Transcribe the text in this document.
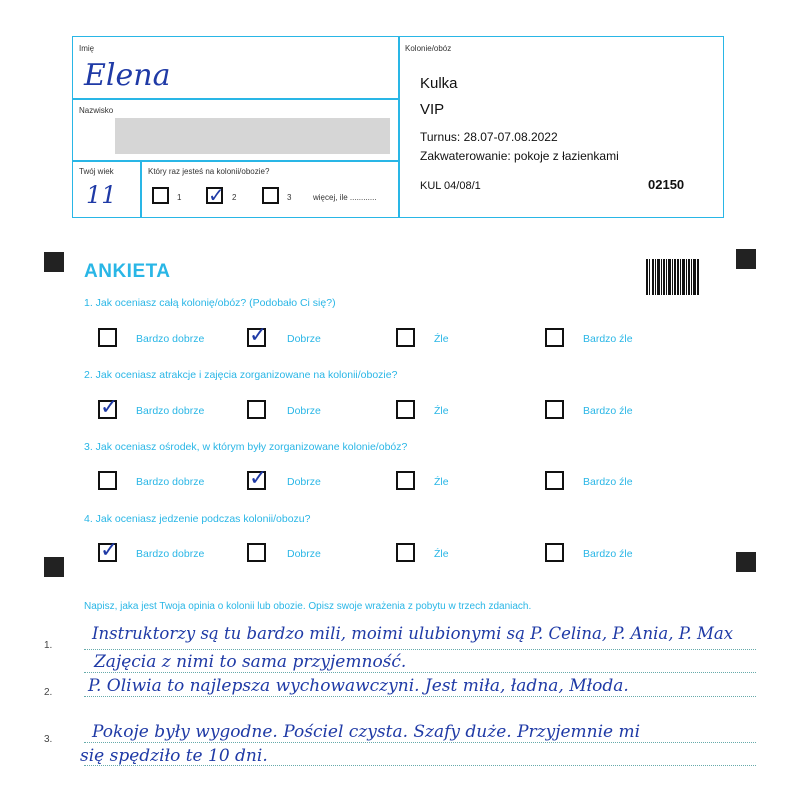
Imię
Elena
Nazwisko
Twój wiek
11
Który raz jesteś na kolonii/obozie?
1 ✓ 2	3	więcej, ile ............
Kolonie/obóz
Kulka
VIP
Turnus: 28.07-07.08.2022
Zakwaterowanie: pokoje z łazienkami
KUL 04/08/1	02150
ANKIETA
1. Jak oceniasz całą kolonię/obóz? (Podobało Ci się?)
Bardzo dobrze ✓ Dobrze	Źle	Bardzo źle
2. Jak oceniasz atrakcje i zajęcia zorganizowane na kolonii/obozie?
✓ Bardzo dobrze	Dobrze	Źle	Bardzo źle
3. Jak oceniasz ośrodek, w którym były zorganizowane kolonie/obóz?
Bardzo dobrze ✓ Dobrze	Źle	Bardzo źle
4. Jak oceniasz jedzenie podczas kolonii/obozu?
✓ Bardzo dobrze	Dobrze	Źle	Bardzo źle
Napisz, jaka jest Twoja opinia o kolonii lub obozie. Opisz swoje wrażenia z pobytu w trzech zdaniach.
1.
2.
3.
Instruktorzy są tu bardzo mili, moimi ulubionymi są P. Celina, P. Ania, P. Max
Zajęcia z nimi to sama przyjemność.
P. Oliwia to najlepsza wychowawczyni. Jest miła, ładna, Młoda.
Pokoje były wygodne. Pościel czysta. Szafy duże. Przyjemnie mi
się spędziło te 10 dni.
